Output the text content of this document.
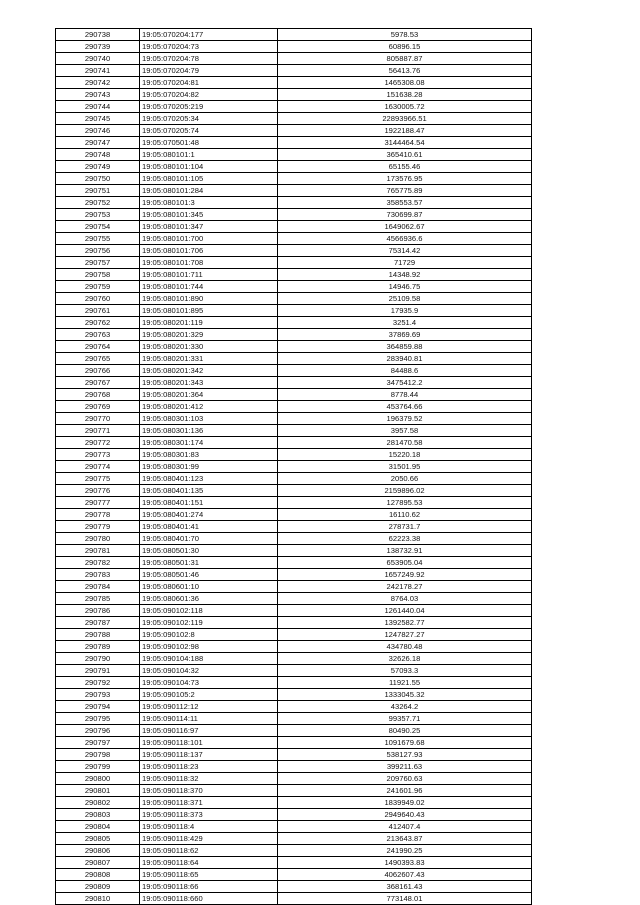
290738	19:05:070204:177	5978.53
290739	19:05:070204:73	60896.15
290740	19:05:070204:78	805887.87
290741	19:05:070204:79	56413.76
290742	19:05:070204:81	1465308.08
290743	19:05:070204:82	151638.28
290744	19:05:070205:219	1630005.72
290745	19:05:070205:34	22893966.51
290746	19:05:070205:74	1922188.47
290747	19:05:070501:48	3144464.54
290748	19:05:080101:1	365410.61
290749	19:05:080101:104	65155.46
290750	19:05:080101:105	173576.95
290751	19:05:080101:284	765775.89
290752	19:05:080101:3	358553.57
290753	19:05:080101:345	730699.87
290754	19:05:080101:347	1649062.67
290755	19:05:080101:700	4566936.6
290756	19:05:080101:706	75314.42
290757	19:05:080101:708	71729
290758	19:05:080101:711	14348.92
290759	19:05:080101:744	14946.75
290760	19:05:080101:890	25109.58
290761	19:05:080101:895	17935.9
290762	19:05:080201:119	3251.4
290763	19:05:080201:329	37869.69
290764	19:05:080201:330	364859.88
290765	19:05:080201:331	283940.81
290766	19:05:080201:342	84488.6
290767	19:05:080201:343	3475412.2
290768	19:05:080201:364	8778.44
290769	19:05:080201:412	453764.66
290770	19:05:080301:103	196379.52
290771	19:05:080301:136	3957.58
290772	19:05:080301:174	281470.58
290773	19:05:080301:83	15220.18
290774	19:05:080301:99	31501.95
290775	19:05:080401:123	2050.66
290776	19:05:080401:135	2159896.02
290777	19:05:080401:151	127895.53
290778	19:05:080401:274	16110.62
290779	19:05:080401:41	278731.7
290780	19:05:080401:70	62223.38
290781	19:05:080501:30	138732.91
290782	19:05:080501:31	653905.04
290783	19:05:080501:46	1657249.92
290784	19:05:080601:10	242178.27
290785	19:05:080601:36	8764.03
290786	19:05:090102:118	1261440.04
290787	19:05:090102:119	1392582.77
290788	19:05:090102:8	1247827.27
290789	19:05:090102:98	434780.48
290790	19:05:090104:188	32626.18
290791	19:05:090104:32	57093.3
290792	19:05:090104:73	11921.55
290793	19:05:090105:2	1333045.32
290794	19:05:090112:12	43264.2
290795	19:05:090114:11	99357.71
290796	19:05:090116:97	80490.25
290797	19:05:090118:101	1091679.68
290798	19:05:090118:137	538127.93
290799	19:05:090118:23	399211.63
290800	19:05:090118:32	209760.63
290801	19:05:090118:370	241601.96
290802	19:05:090118:371	1839949.02
290803	19:05:090118:373	2949640.43
290804	19:05:090118:4	412407.4
290805	19:05:090118:429	213643.87
290806	19:05:090118:62	241990.25
290807	19:05:090118:64	1490393.83
290808	19:05:090118:65	4062607.43
290809	19:05:090118:66	368161.43
290810	19:05:090118:660	773148.01
